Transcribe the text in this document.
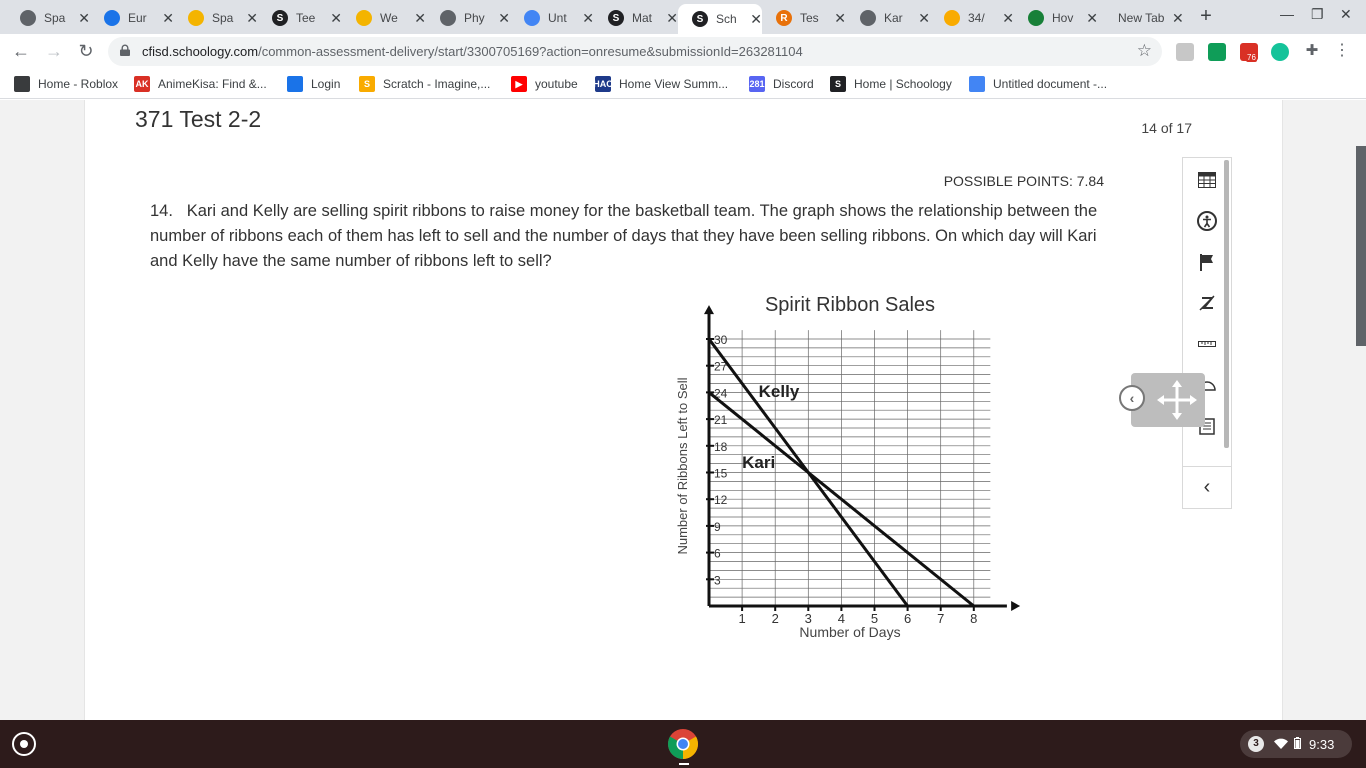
Spa ✕	Eur	✕	Spa ✕	S	Tee	✕	We	✕	Phy ✕	Unt	✕	S	Mat	✕	S	Sch ✕	R	Tes	✕	Kar	✕	34/	✕	Hov ✕ New Tab ✕ +	— ❐ ✕
← → ↻	cfisd.schoology.com/common-assessment-delivery/start/3300705169?action=onresume&submissionId=263281104	☆	76	✚ ⋮
Home - Roblox AK AnimeKisa: Find &...	Login	S	Scratch - Imagine,...	▶	youtube HAC Home View Summ... 281 Discord	S	Home | Schoology	Untitled document -...
371 Test 2-2	14 of 17
POSSIBLE POINTS: 7.84
14. Kari and Kelly are selling spirit ribbons to raise money for the basketball team. The graph shows the relationship between the number of ribbons each of them has left to sell and the number of days that they have been selling ribbons. On which day will Kari and Kelly have the same number of ribbons left to sell?
1 2 3 4 5 6 7 8
3
6
9
12
15
18
21
24
27
30
Kelly
Kari
Spirit Ribbon Sales
Number of Days
Number of Ribbons Left to Sell	‹
‹
3	9:33
